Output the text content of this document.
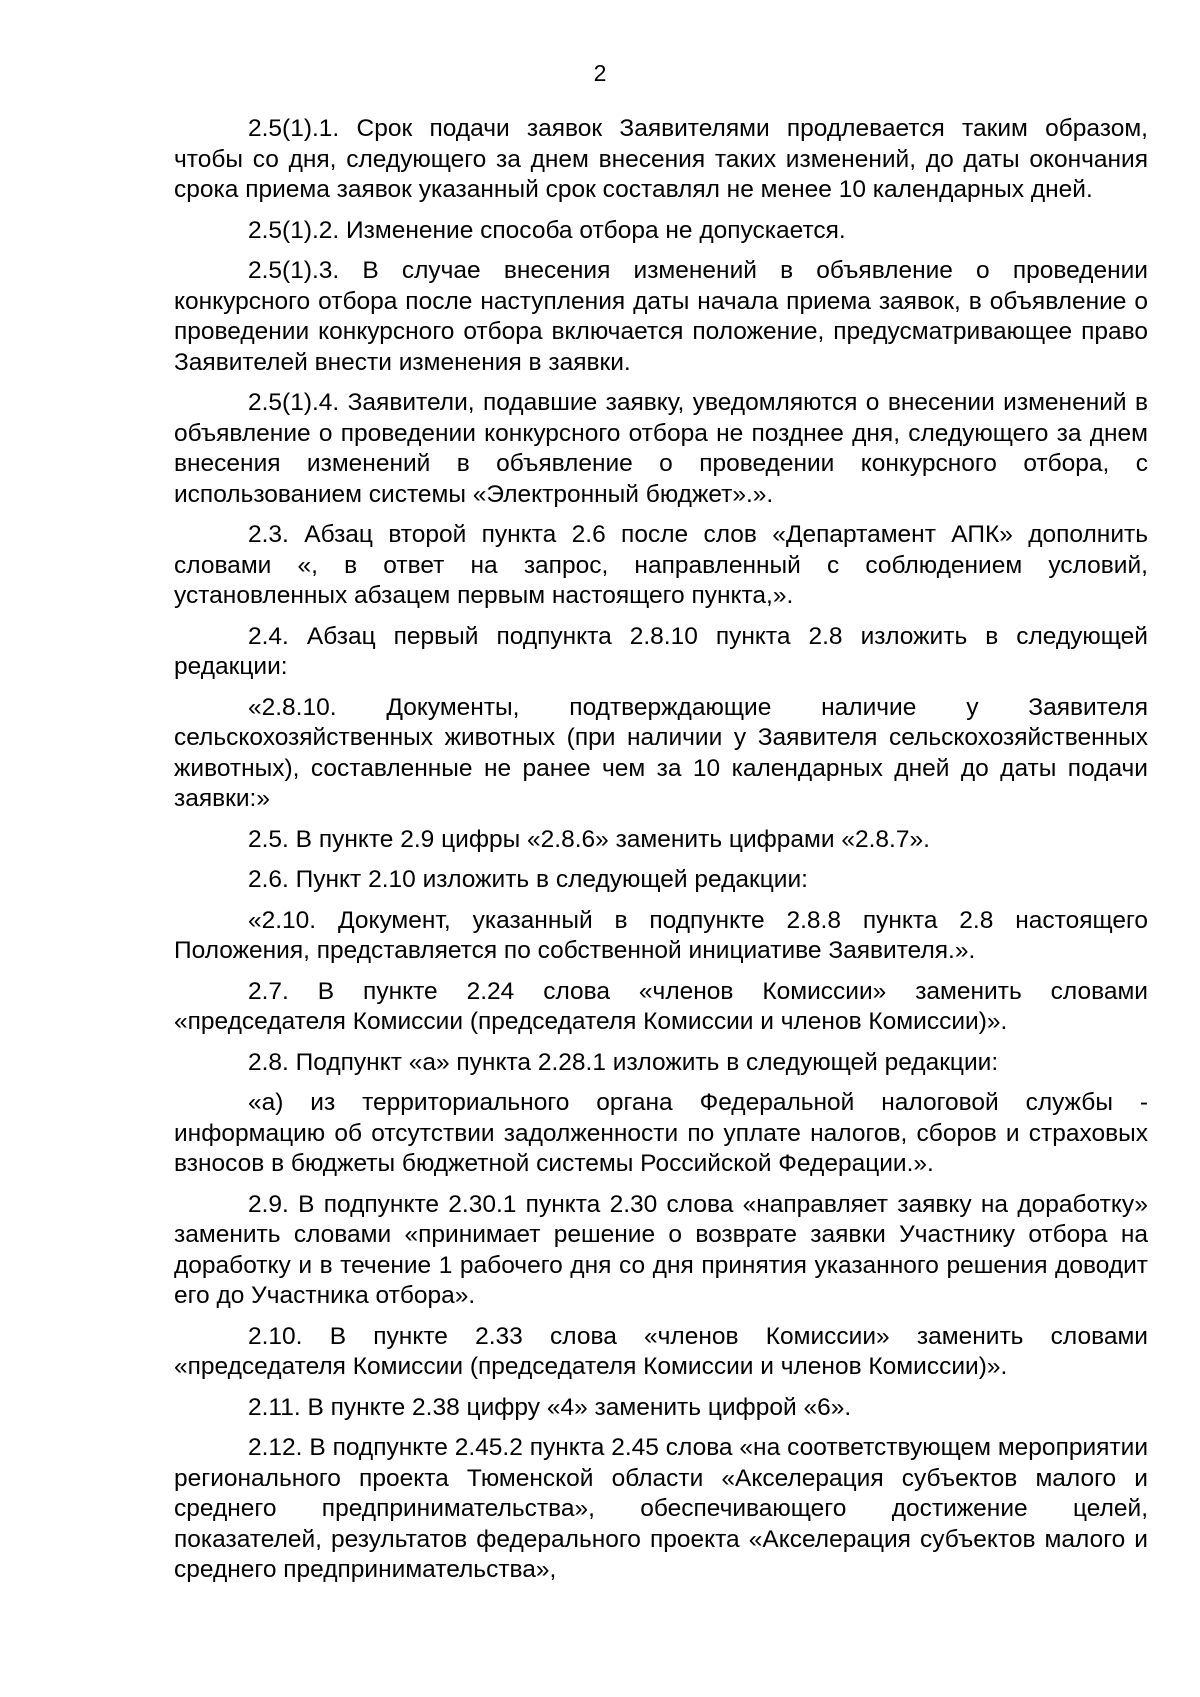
2

2.5(1).1. Срок подачи заявок Заявителями продлевается таким образом, чтобы со дня, следующего за днем внесения таких изменений, до даты окончания срока приема заявок указанный срок составлял не менее 10 календарных дней.

2.5(1).2. Изменение способа отбора не допускается.

2.5(1).3. В случае внесения изменений в объявление о проведении конкурсного отбора после наступления даты начала приема заявок, в объявление о проведении конкурсного отбора включается положение, предусматривающее право Заявителей внести изменения в заявки.

2.5(1).4. Заявители, подавшие заявку, уведомляются о внесении изменений в объявление о проведении конкурсного отбора не позднее дня, следующего за днем внесения изменений в объявление о проведении конкурсного отбора, с использованием системы «Электронный бюджет».».

2.3. Абзац второй пункта 2.6 после слов «Департамент АПК» дополнить словами «, в ответ на запрос, направленный с соблюдением условий, установленных абзацем первым настоящего пункта,».

2.4. Абзац первый подпункта 2.8.10 пункта 2.8 изложить в следующей редакции:

«2.8.10. Документы, подтверждающие наличие у Заявителя сельскохозяйственных животных (при наличии у Заявителя сельскохозяйственных животных), составленные не ранее чем за 10 календарных дней до даты подачи заявки:»

2.5. В пункте 2.9 цифры «2.8.6» заменить цифрами «2.8.7».

2.6. Пункт 2.10 изложить в следующей редакции:

«2.10. Документ, указанный в подпункте 2.8.8 пункта 2.8 настоящего Положения, представляется по собственной инициативе Заявителя.».

2.7. В пункте 2.24 слова «членов Комиссии» заменить словами «председателя Комиссии (председателя Комиссии и членов Комиссии)».

2.8. Подпункт «а» пункта 2.28.1 изложить в следующей редакции:

«а) из территориального органа Федеральной налоговой службы - информацию об отсутствии задолженности по уплате налогов, сборов и страховых взносов в бюджеты бюджетной системы Российской Федерации.».

2.9. В подпункте 2.30.1 пункта 2.30 слова «направляет заявку на доработку» заменить словами «принимает решение о возврате заявки Участнику отбора на доработку и в течение 1 рабочего дня со дня принятия указанного решения доводит его до Участника отбора».

2.10. В пункте 2.33 слова «членов Комиссии» заменить словами «председателя Комиссии (председателя Комиссии и членов Комиссии)».

2.11. В пункте 2.38 цифру «4» заменить цифрой «6».

2.12. В подпункте 2.45.2 пункта 2.45 слова «на соответствующем мероприятии регионального проекта Тюменской области «Акселерация субъектов малого и среднего предпринимательства», обеспечивающего достижение целей, показателей, результатов федерального проекта «Акселерация субъектов малого и среднего предпринимательства»,
